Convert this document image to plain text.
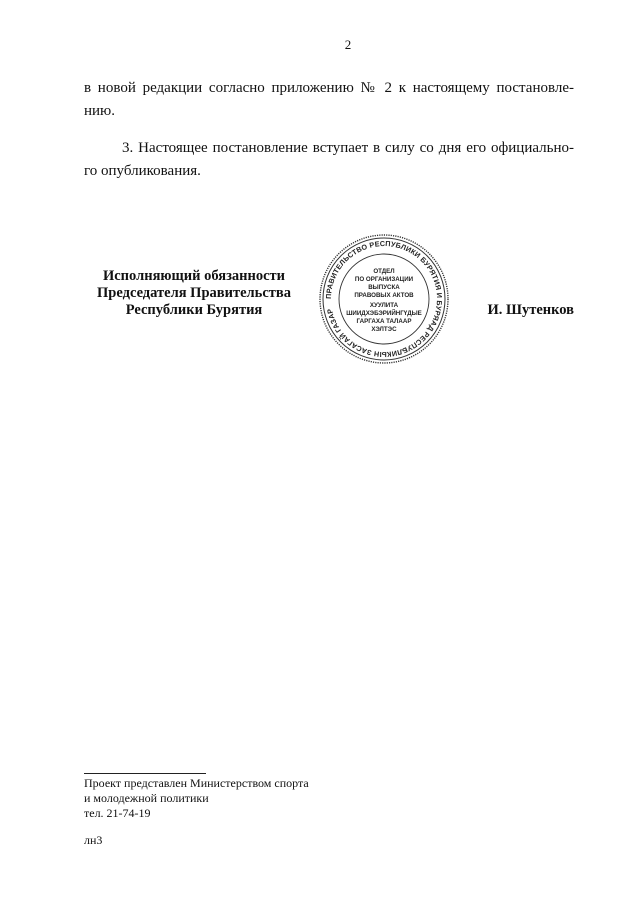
2

в новой редакции согласно приложению № 2 к настоящему постановле-
нию.

3. Настоящее постановление вступает в силу со дня его официально-
го опубликования.

Исполняющий обязанности
Председателя Правительства
Республики Бурятия
ПРАВИТЕЛЬСТВО РЕСПУБЛИКИ БУРЯТИЯ И БУРЯАД РЕСПУБЛИКЫН ЗАСАГАЙ ГАЗАР
ОТДЕЛ
ПО ОРГАНИЗАЦИИ
ВЫПУСКА
ПРАВОВЫХ АКТОВ
ХУУЛИТА
ШИИДХЭБЭРИЙНГҮДЫЕ
ГАРГАХА ТАЛААР
ХЭЛТЭС
И. Шутенков
Проект представлен Министерством спорта
и молодежной политики
тел. 21-74-19
лн3
